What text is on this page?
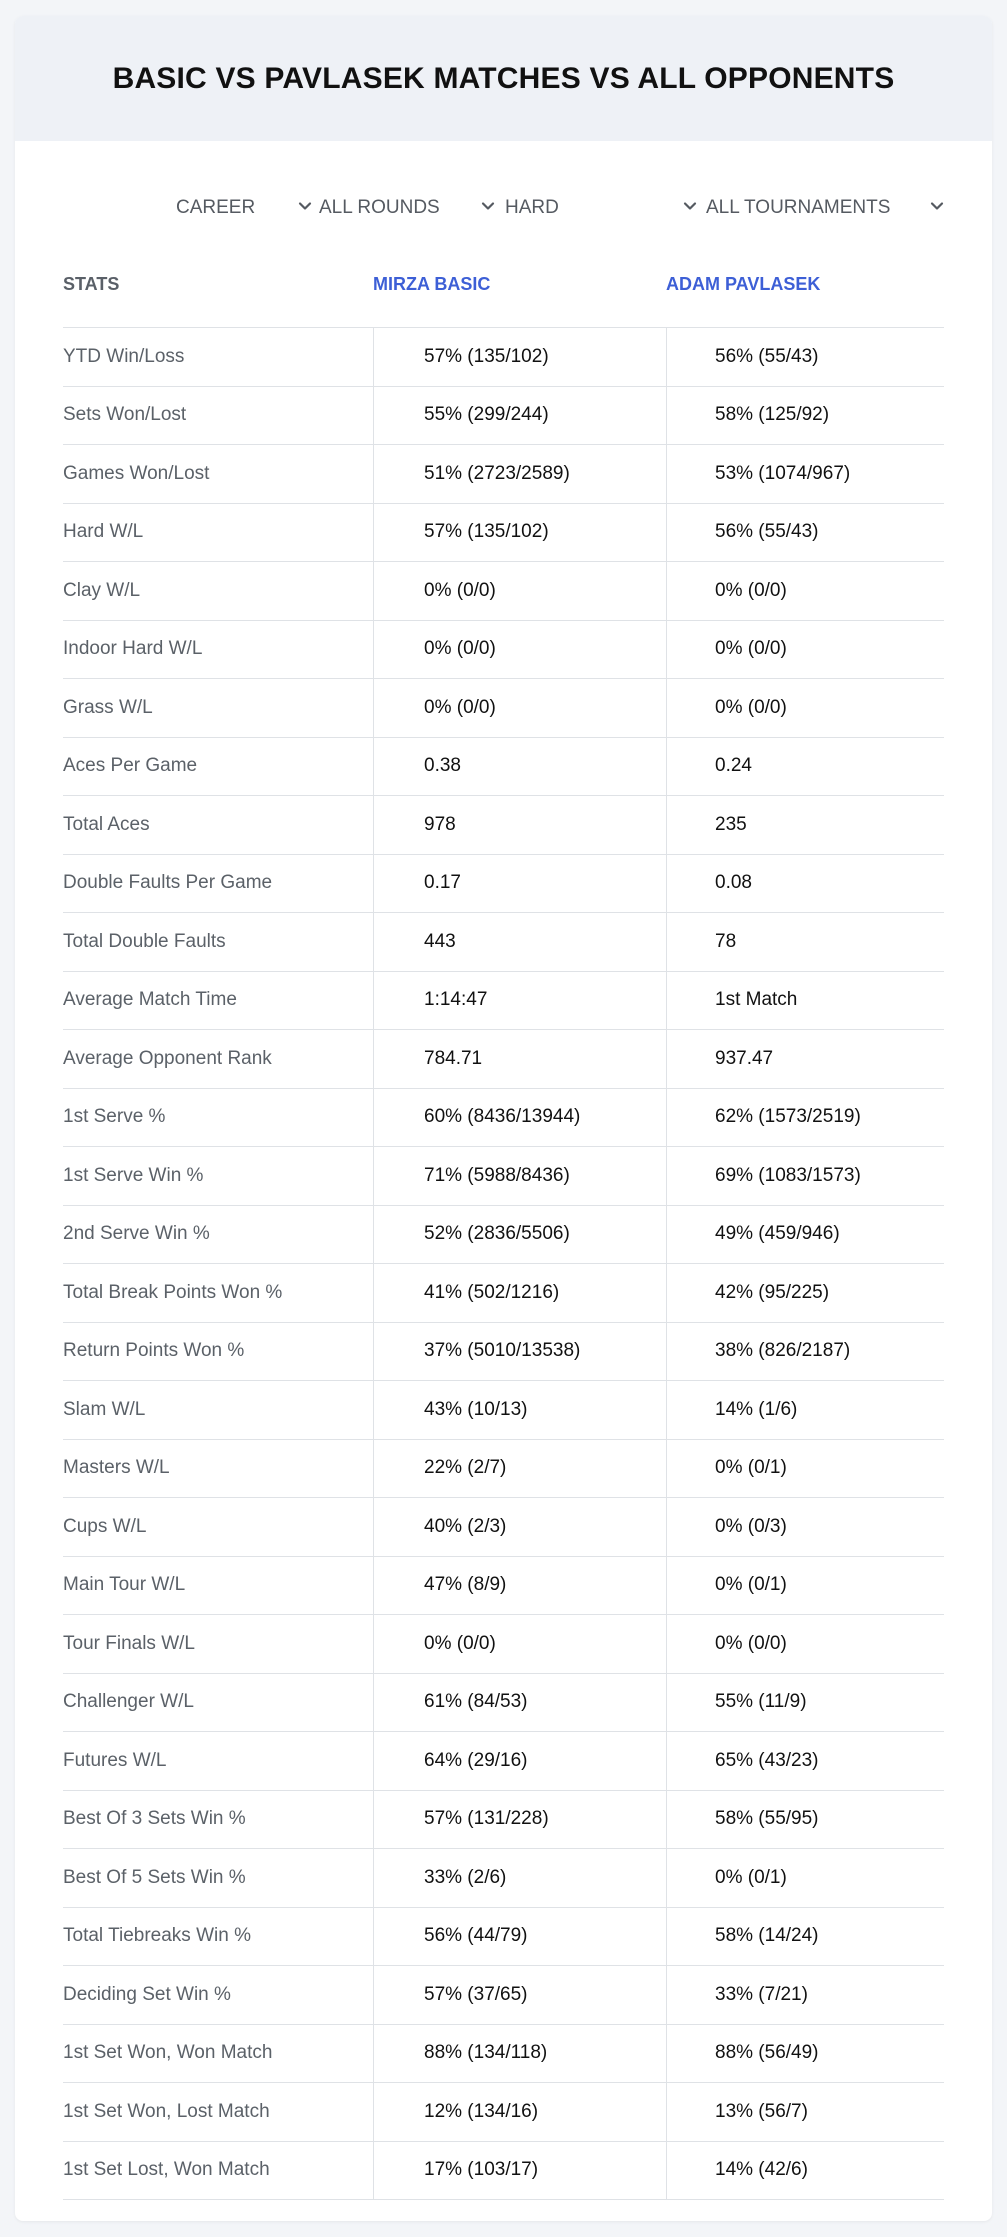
BASIC VS PAVLASEK MATCHES VS ALL OPPONENTS
CAREER	ALL ROUNDS	HARD	ALL TOURNAMENTS
STATS	MIRZA BASIC	ADAM PAVLASEK
YTD Win/Loss	57% (135/102)	56% (55/43)
Sets Won/Lost	55% (299/244)	58% (125/92)
Games Won/Lost	51% (2723/2589)	53% (1074/967)
Hard W/L	57% (135/102)	56% (55/43)
Clay W/L	0% (0/0)	0% (0/0)
Indoor Hard W/L	0% (0/0)	0% (0/0)
Grass W/L	0% (0/0)	0% (0/0)
Aces Per Game	0.38	0.24
Total Aces	978	235
Double Faults Per Game	0.17	0.08
Total Double Faults	443	78
Average Match Time	1:14:47	1st Match
Average Opponent Rank	784.71	937.47
1st Serve %	60% (8436/13944)	62% (1573/2519)
1st Serve Win %	71% (5988/8436)	69% (1083/1573)
2nd Serve Win %	52% (2836/5506)	49% (459/946)
Total Break Points Won %	41% (502/1216)	42% (95/225)
Return Points Won %	37% (5010/13538)	38% (826/2187)
Slam W/L	43% (10/13)	14% (1/6)
Masters W/L	22% (2/7)	0% (0/1)
Cups W/L	40% (2/3)	0% (0/3)
Main Tour W/L	47% (8/9)	0% (0/1)
Tour Finals W/L	0% (0/0)	0% (0/0)
Challenger W/L	61% (84/53)	55% (11/9)
Futures W/L	64% (29/16)	65% (43/23)
Best Of 3 Sets Win %	57% (131/228)	58% (55/95)
Best Of 5 Sets Win %	33% (2/6)	0% (0/1)
Total Tiebreaks Win %	56% (44/79)	58% (14/24)
Deciding Set Win %	57% (37/65)	33% (7/21)
1st Set Won, Won Match	88% (134/118)	88% (56/49)
1st Set Won, Lost Match	12% (134/16)	13% (56/7)
1st Set Lost, Won Match	17% (103/17)	14% (42/6)
